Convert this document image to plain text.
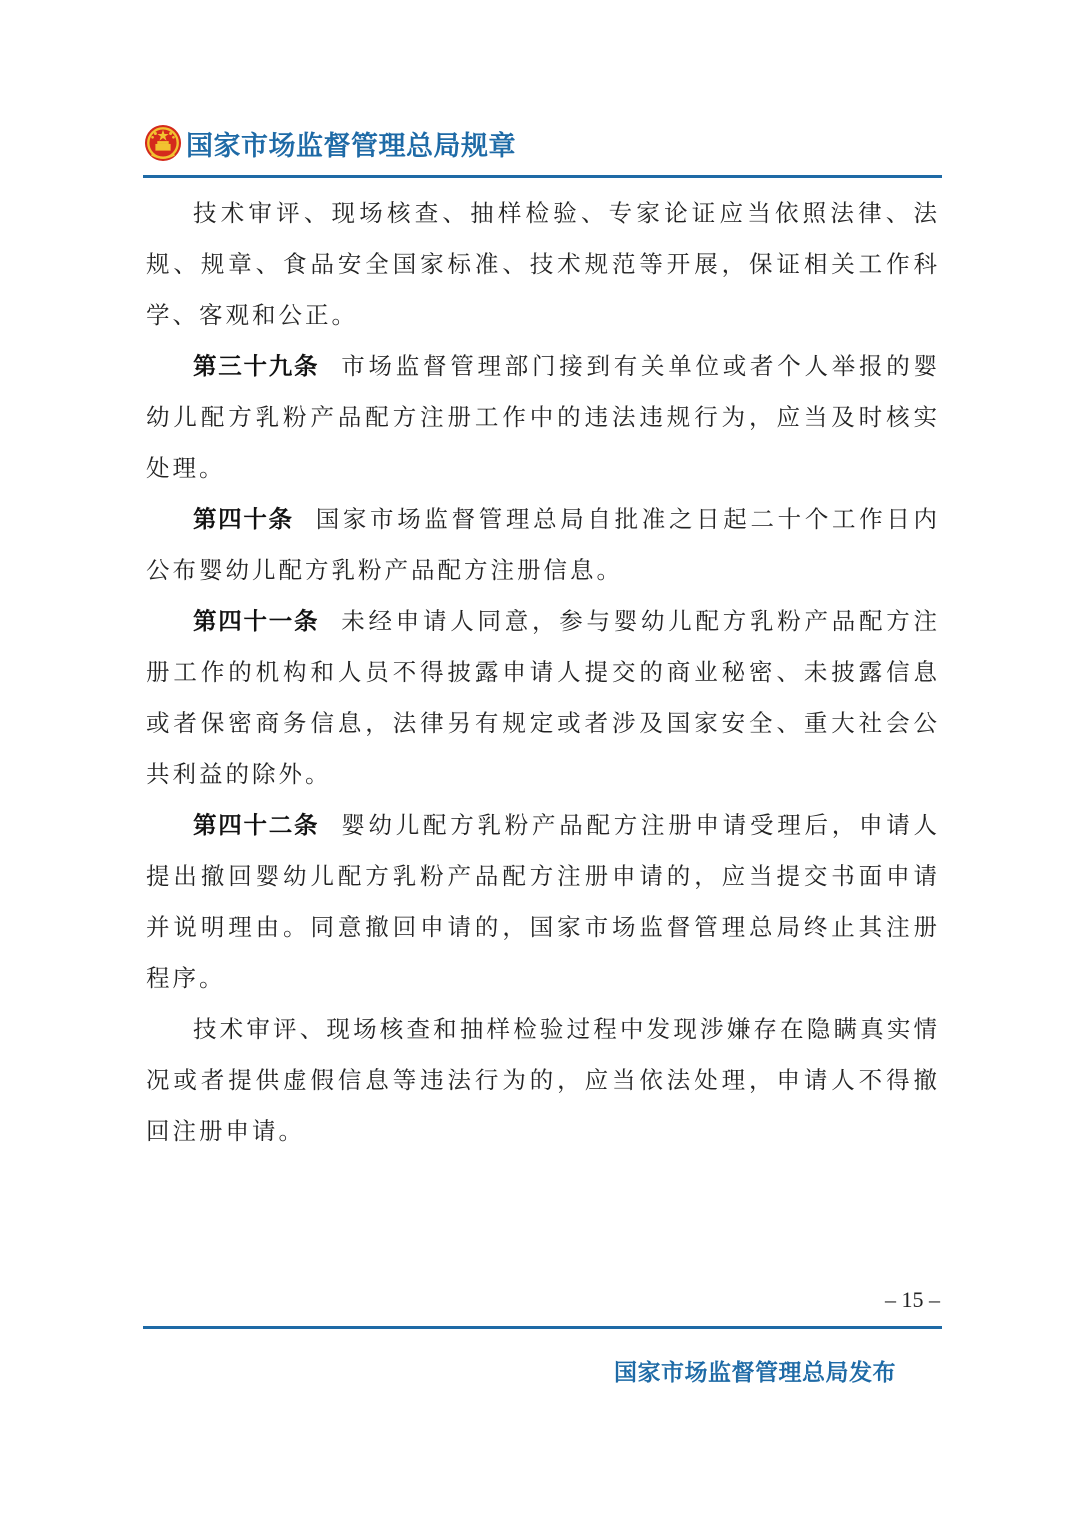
国家市场监督管理总局规章

技术审评、现场核查、抽样检验、专家论证应当依照法律、法规、规章、食品安全国家标准、技术规范等开展，保证相关工作科学、客观和公正。

第三十九条 市场监督管理部门接到有关单位或者个人举报的婴幼儿配方乳粉产品配方注册工作中的违法违规行为，应当及时核实处理。

第四十条 国家市场监督管理总局自批准之日起二十个工作日内公布婴幼儿配方乳粉产品配方注册信息。

第四十一条 未经申请人同意，参与婴幼儿配方乳粉产品配方注册工作的机构和人员不得披露申请人提交的商业秘密、未披露信息或者保密商务信息，法律另有规定或者涉及国家安全、重大社会公共利益的除外。

第四十二条 婴幼儿配方乳粉产品配方注册申请受理后，申请人提出撤回婴幼儿配方乳粉产品配方注册申请的，应当提交书面申请并说明理由。同意撤回申请的，国家市场监督管理总局终止其注册程序。

技术审评、现场核查和抽样检验过程中发现涉嫌存在隐瞒真实情况或者提供虚假信息等违法行为的，应当依法处理，申请人不得撤回注册申请。

– 15 –
国家市场监督管理总局发布
